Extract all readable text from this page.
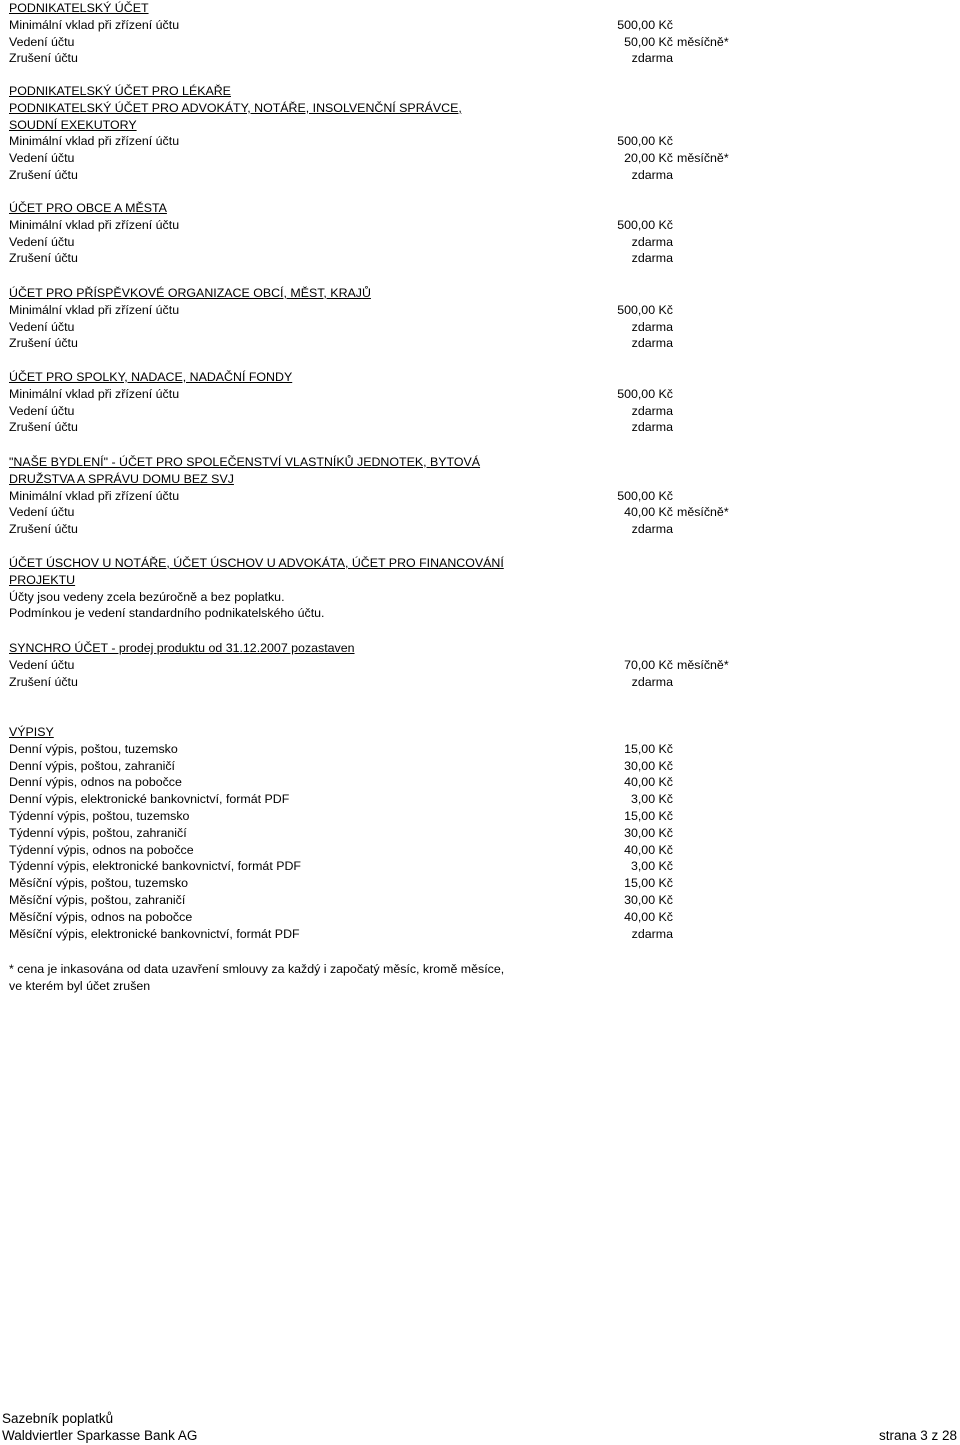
PODNIKATELSKÝ ÚČET
Minimální vklad při zřízení účtu	500,00 Kč
Vedení účtu	50,00 Kč měsíčně*
Zrušení účtu	zdarma
PODNIKATELSKÝ ÚČET PRO LÉKAŘE
PODNIKATELSKÝ ÚČET PRO ADVOKÁTY, NOTÁŘE, INSOLVENČNÍ SPRÁVCE,
SOUDNÍ EXEKUTORY
Minimální vklad při zřízení účtu	500,00 Kč
Vedení účtu	20,00 Kč měsíčně*
Zrušení účtu	zdarma
ÚČET PRO OBCE A MĚSTA
Minimální vklad při zřízení účtu	500,00 Kč
Vedení účtu	zdarma
Zrušení účtu	zdarma
ÚČET PRO PŘÍSPĚVKOVÉ ORGANIZACE OBCÍ, MĚST, KRAJŮ
Minimální vklad při zřízení účtu	500,00 Kč
Vedení účtu	zdarma
Zrušení účtu	zdarma
ÚČET PRO SPOLKY, NADACE, NADAČNÍ FONDY
Minimální vklad při zřízení účtu	500,00 Kč
Vedení účtu	zdarma
Zrušení účtu	zdarma
"NAŠE BYDLENÍ" - ÚČET PRO SPOLEČENSTVÍ VLASTNÍKŮ JEDNOTEK, BYTOVÁ
DRUŽSTVA A SPRÁVU DOMU BEZ SVJ
Minimální vklad při zřízení účtu	500,00 Kč
Vedení účtu	40,00 Kč měsíčně*
Zrušení účtu	zdarma
ÚČET ÚSCHOV U NOTÁŘE, ÚČET ÚSCHOV U ADVOKÁTA, ÚČET PRO FINANCOVÁNÍ
PROJEKTU
Účty jsou vedeny zcela bezúročně a bez poplatku.
Podmínkou je vedení standardního podnikatelského účtu.
SYNCHRO ÚČET - prodej produktu od 31.12.2007 pozastaven
Vedení účtu	70,00 Kč měsíčně*
Zrušení účtu	zdarma
VÝPISY
Denní výpis, poštou, tuzemsko	15,00 Kč
Denní výpis, poštou, zahraničí	30,00 Kč
Denní výpis, odnos na pobočce	40,00 Kč
Denní výpis, elektronické bankovnictví, formát PDF	3,00 Kč
Týdenní výpis, poštou, tuzemsko	15,00 Kč
Týdenní výpis, poštou, zahraničí	30,00 Kč
Týdenní výpis, odnos na pobočce	40,00 Kč
Týdenní výpis, elektronické bankovnictví, formát PDF	3,00 Kč
Měsíční výpis, poštou, tuzemsko	15,00 Kč
Měsíční výpis, poštou, zahraničí	30,00 Kč
Měsíční výpis, odnos na pobočce	40,00 Kč
Měsíční výpis, elektronické bankovnictví, formát PDF	zdarma
* cena je inkasována od data uzavření smlouvy za každý i započatý měsíc, kromě měsíce,
ve kterém byl účet zrušen
Sazebník poplatků
Waldviertler Sparkasse Bank AG	strana 3 z 28
